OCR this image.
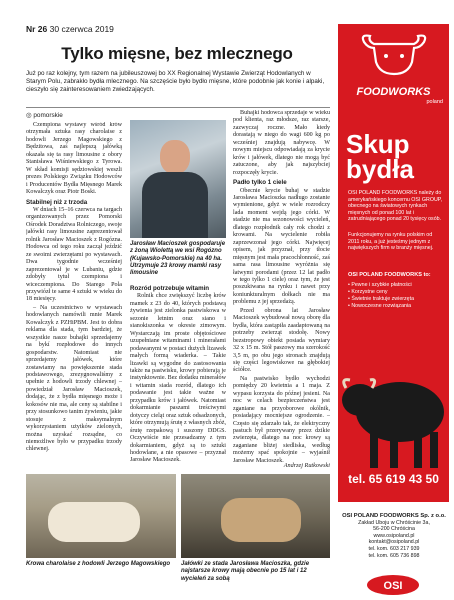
Nr 26 30 czerwca 2019
Tylko mięsne, bez mlecznego
Już po raz kolejny, tym razem na jubileuszowej bo XX Regionalnej Wystawie Zwierząt Hodowlanych w Starym Polu, zabrakło bydła mlecznego. Na szczęście było bydło mięsne, które podobnie jak konie i alpaki, cieszyło się zainteresowaniem zwiedzających.
◎ pomorskie

Czempiona wystawy wśród krów otrzymała sztuka rasy charolaise z hodowli Jerzego Magowskiego z Będzitowa, zaś najlepszą jałówką okazała się ta rasy limousine z obory Stanisława Wiśniewskiego z Tyrowa. W skład komisji sędziowskiej weszli prezes Polskiego Związku Hodowców i Producentów Bydła Mięsnego Marek Kowalczyk oraz Piotr Boski.

Stabilnej niż z trzoda

W dniach 15–16 czerwca na targach organizowanych przez Pomorski Ośrodek Doradztwa Rolniczego, swoje jałówki rasy limousine zaprezentował rolnik Jarosław Macioszek z Rogózna. Hodowca od tego roku zaczął jeździć ze swoimi zwierzętami po wystawach. Dwa tygodnie wcześniej zaprezentował je w Lubaniu, gdzie zdobyły tytuł czempiona i wiceczempiona. Do Starego Pola przywiózł te same 4 sztuki w wieku do 18 miesięcy.

– Na uczestnictwo w wystawach hodowlanych namówili mnie Marek Kowalczyk z PZHiPBM. Jest to dobra reklama dla stada, tym bardziej, że wszystkie nasze buhajki sprzedajemy na bykí rozpłodowe do innych gospodarstw. Natomiast nie sprzedajemy jałówek, które zostawiamy na powiększenie stada podstawowego, zrezygnowaliśmy z upełnie z hodowli trzody chlewnej – powiedział Jarosław Macioszek, dodając, że z bydła mięsnego może i kokosów nie ma, ale ceny są stabilne i przy stosunkowo tanim żywieniu, jakie stosuje z maksymalnym wykorzystaniem użytków zielonych, można uzyskać rozsądne, co niemożliwe było w przypadku trzody chlewnej.

Jarosław Macioszek gospodaruje z żoną Wiolettą we wsi Rogózno (Kujawsko-Pomorskie) na 40 ha. Utrzymuje 23 krowy mamki rasy limousine
Rozród potrzebuje witamin

Rolnik chce zwiększyć liczbę krów mamek z 23 do 40, których podstawą żywienia jest zielonka pastwiskowa w sezonie letnim oraz siano i sianokiszonka w okresie zimowym. Wystarczają im proste objętościowe uzupełniane witaminami i minerałami podawanymi w postaci dużych lizawek małych formą wiaderka. – Takie lizawki są wygodne do zastosowania także na pastwisku, krowy pobierają je instynktownie. Bez dodatku minerałów i witamin siada rozród, dlatego ich podawanie jest takie ważne w przypadku krów i jałówek. Natomiast dokarmianie paszami treściwymi dotyczy cieląt oraz sztuk odsadzonych, które otrzymują śrutę z własnych zbóż, śrutę rzepakową i suszony DDGS. Oczywiście nie przesadzamy z tym dokarmianiem, gdyż są to sztuki hodowlane, a nie opasowe – przyznał Jarosław Macioszek.

Buhajki hodowca sprzedaje w wieku pod klienta, raz młodsze, raz starsze, zazwyczaj roczne. Mało kiedy dorastają w niego do wagi 600 kg po wcześniej znajdują nabywcę. W nowym miejscu odpowiadają za krycie krów i jałówek, dlatego nie mogą być zatuczone, aby jak najszybciej rozpoczęły krycie.

Padło tylko 1 ciele

Obecnie krycie buhaj w stadzie Jarosława Macioszka nadługo zostanie wymienione, gdyż w wiele rozrodczy lada moment wejdą jego córki. W stadzie nie ma sezonowości wycieleń, dlatego rozpłodnik cały rok chodzi z krowami. Na wycielenie robiła zaprzewzonał jego córki. Najwięcej opisem, jak przyznał, przy tłocie mięsnym jest mała pracochłonność, zaś sama rasa limousine wyróżnia się łatwymi porodami (przez 12 lat padło w tego tylko 1 ciele) oraz tym, że jest poszukiwana na rynku i nawet przy koniunkturalnym dołkach nie ma problemu z jej sprzedażą.

Przed obrona lat Jarosław Macioszek wybudował nową oborę dla bydła, która zastąpiła zaadaptowaną na potrzeby zwierząt stodołę. Nowy bezstropowy obiekt posiada wymiary 32 x 15 m. Stół paszowy ma szerokość 3,5 m, po obu jego stronach znajdują się części legowiskowe na głębokiej ściółce.

Na pastwisko bydło wychodzi pomiędzy 20 kwietnia a 1 maja. Z wypasu korzysta do późnej jesieni. Na noc w celach bezpieczeństwa jest zganiane na przyoborowe okólnik, posiadający mocniejsze ogrodzenie. – Często się zdarzało tak, że elektryczny pastuch był przerywany przez dzikie zwierzęta, dlatego na noc krowy są zaganiane bliżej siedliska, według możemy spać spokojnie – wyjaśnił Jarosław Macioszek.

Andrzej Rutkowski
Krowa charolaise z hodowli Jerzego Magowskiego	Jałówki ze stada Jarosława Macioszka, gdzie najstarsze krowy mają obecnie po 15 lat i 12 wycieleń za sobą
FOODWORKS
poland
Skup bydła
OSI POLAND FOODWORKS należy do amerykańskiego koncernu OSI GROUP, obecnego na światowych rynkach mięsnych od ponad 100 lat i zatrudniającego ponad 20 tysięcy osób.
Funkcjonujemy na rynku polskim od 2011 roku, a już jesteśmy jednym z największych firm w branży mięsnej.
OSI POLAND FOODWORKS to:
• Pewne i szybkie płatności
• Korzystne ceny
• Świetnie traktuje zwierzęta
• Nowoczesne rozwiązania
tel. 65 619 43 50
OSI POLAND FOODWORKS Sp. z o.o.
Zakład Uboju w Chróścinie 3a,
56-200 Chróścina
www.osipoland.pl
kontakt@osipoland.pl
tel. kom. 603 217 939
tel. kom. 605 736 898
OSI
